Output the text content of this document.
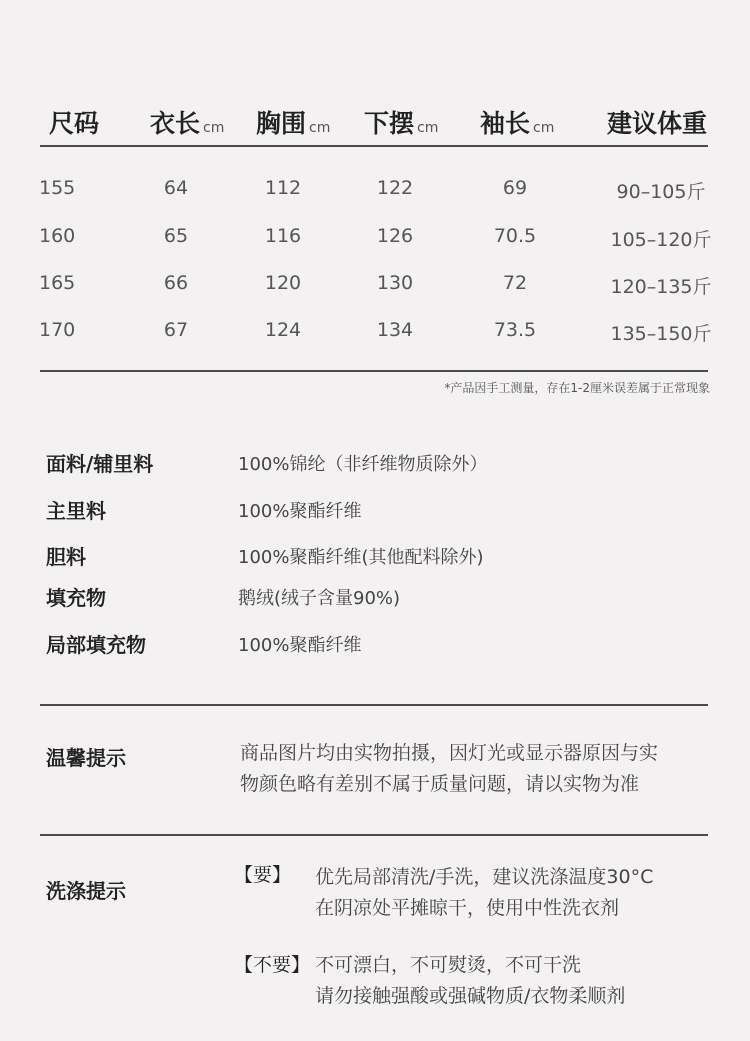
尺码 衣长 cm 胸围 cm 下摆 cm 袖长 cm 建议体重
155	64	112	122	69	90–105斤
160	65	116	126	70.5	105–120斤
165	66	120	130	72	120–135斤
170	67	124	134	73.5	135–150斤
*产品因手工测量，存在1-2厘米误差属于正常现象
面料/辅里料	100%锦纶（非纤维物质除外）
主里料	100%聚酯纤维
胆料	100%聚酯纤维(其他配料除外)
填充物	鹅绒(绒子含量90%)
局部填充物	100%聚酯纤维
温馨提示	商品图片均由实物拍摄，因灯光或显示器原因与实
物颜色略有差别不属于质量问题，请以实物为准
洗涤提示
【要】 优先局部清洗/手洗，建议洗涤温度30°C
在阴凉处平摊晾干，使用中性洗衣剂
【不要】 不可漂白，不可熨烫，不可干洗
请勿接触强酸或强碱物质/衣物柔顺剂
